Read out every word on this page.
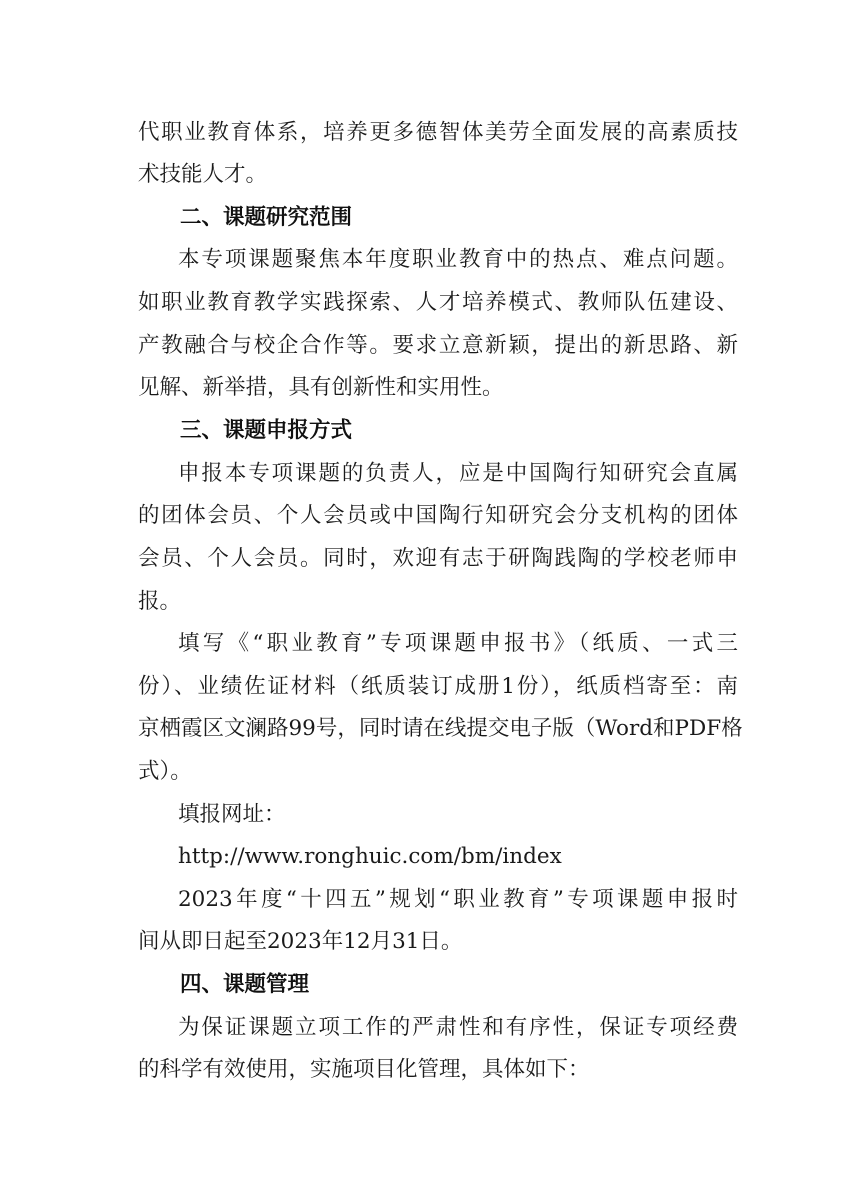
代职业教育体系，培养更多德智体美劳全面发展的高素质技
术技能人才。
二、课题研究范围
本专项课题聚焦本年度职业教育中的热点、难点问题。
如职业教育教学实践探索、人才培养模式、教师队伍建设、
产教融合与校企合作等。要求立意新颖，提出的新思路、新
见解、新举措，具有创新性和实用性。
三、课题申报方式
申报本专项课题的负责人，应是中国陶行知研究会直属
的团体会员、个人会员或中国陶行知研究会分支机构的团体
会员、个人会员。同时，欢迎有志于研陶践陶的学校老师申
报。
填写《“职业教育”专项课题申报书》（纸质、一式三
份）、业绩佐证材料（纸质装订成册1份），纸质档寄至：南
京栖霞区文澜路99号，同时请在线提交电子版（Word和PDF格
式）。
填报网址：
http://www.ronghuic.com/bm/index
2023年度“十四五”规划“职业教育”专项课题申报时
间从即日起至2023年12月31日。
四、课题管理
为保证课题立项工作的严肃性和有序性，保证专项经费
的科学有效使用，实施项目化管理，具体如下：
